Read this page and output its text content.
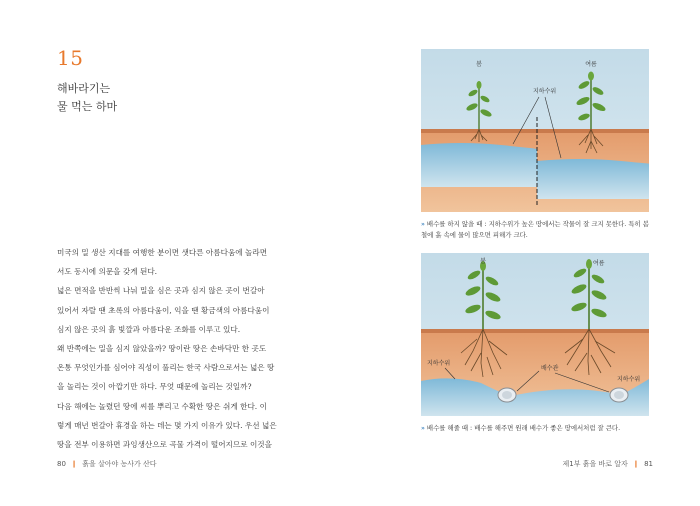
15
해바라기는
물 먹는 하마
미국의 밀 생산 지대를 여행한 분이면 샛다른 아름다움에 놀라면
서도 동시에 의문을 갖게 된다.
넓은 면적을 반반씩 나눠 밀을 심은 곳과 심지 않은 곳이 번갈아
있어서 자랄 땐 초록의 아름다움이, 익을 땐 황금색의 아름다움이
심지 않은 곳의 흙 빛깔과 아름다운 조화를 이루고 있다.
왜 반쪽에는 밀을 심지 않았을까? 땅이란 땅은 손바닥만 한 곳도
온통 무엇인가를 심어야 직성이 풀리는 한국 사람으로서는 넓은 땅
을 놀리는 것이 아깝기만 하다. 무엇 때문에 놀리는 것일까?
다음 해에는 놀렸던 땅에 씨를 뿌리고 수확한 땅은 쉬게 한다. 이
렇게 매년 번갈아 휴경을 하는 데는 몇 가지 이유가 있다. 우선 넓은
땅을 전부 이용하면 과잉생산으로 곡물 가격이 떨어지므로 이것을
80 ❙ 흙을 살아야 농사가 산다
봄	여름
지하수위
» 배수를 하지 않을 때 : 지하수위가 높은 땅에서는 작물이 잘 크지 못한다. 특히 봄철에 흙 속에 물이 많으면 피해가 크다.
봄	여름
지하수위
배수관
지하수위
» 배수를 해줄 때 : 배수를 해주면 원래 배수가 좋은 땅에서처럼 잘 큰다.
제1부 흙을 바로 알자 ❙ 81
